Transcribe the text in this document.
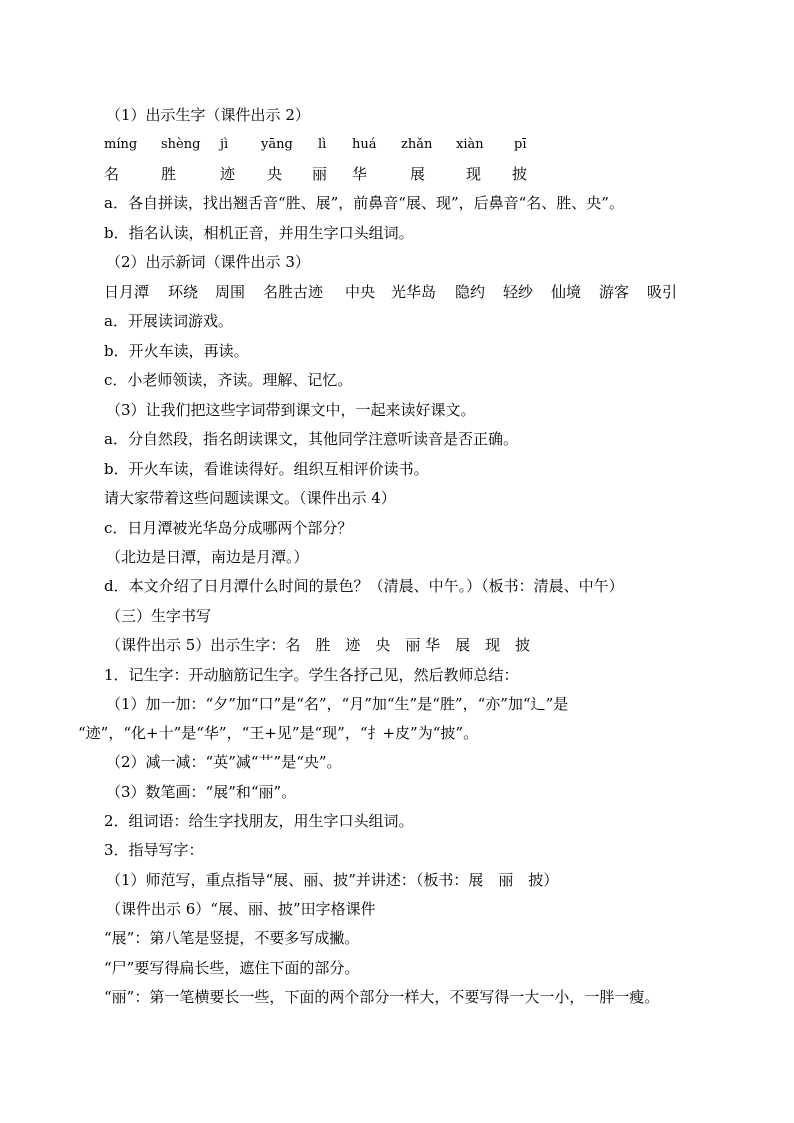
（1）出示生字（课件出示 2）
míng shèng jì	yāng lì huá zhǎn xiàn pī
名	胜	迹 央 丽 华	展	现 披
a．各自拼读，找出翘舌音“胜、展”，前鼻音“展、现”，后鼻音“名、胜、央”。
b．指名认读，相机正音，并用生字口头组词。
（2）出示新词（课件出示 3）
日月潭 环绕 周围 名胜古迹 中央 光华岛 隐约 轻纱 仙境 游客 吸引
a．开展读词游戏。
b．开火车读，再读。
c．小老师领读，齐读。理解、记忆。
（3）让我们把这些字词带到课文中，一起来读好课文。
a．分自然段，指名朗读课文，其他同学注意听读音是否正确。
b．开火车读，看谁读得好。组织互相评价读书。
请大家带着这些问题读课文。（课件出示 4）
c．日月潭被光华岛分成哪两个部分？
（北边是日潭，南边是月潭。）
d．本文介绍了日月潭什么时间的景色？（清晨、中午。）（板书：清晨、中午）
（三）生字书写
（课件出示 5）出示生字：名　胜　迹　央　丽 华　展　现　披
1．记生字：开动脑筋记生字。学生各抒己见，然后教师总结：
（1）加一加：“夕”加“口”是“名”，“月”加“生”是“胜”，“亦”加“辶”是
“迹”，“化+十”是“华”，“王+见”是“现”，“扌+皮”为“披”。
（2）减一减：“英”减“艹”是“央”。
（3）数笔画：“展”和“丽”。
2．组词语：给生字找朋友，用生字口头组词。
3．指导写字：
（1）师范写，重点指导“展、丽、披”并讲述：（板书：展　丽　披）
（课件出示 6）“展、丽、披”田字格课件
“展”：第八笔是竖提，不要多写成撇。
“尸”要写得扁长些，遮住下面的部分。
“丽”：第一笔横要长一些，下面的两个部分一样大，不要写得一大一小，一胖一瘦。
